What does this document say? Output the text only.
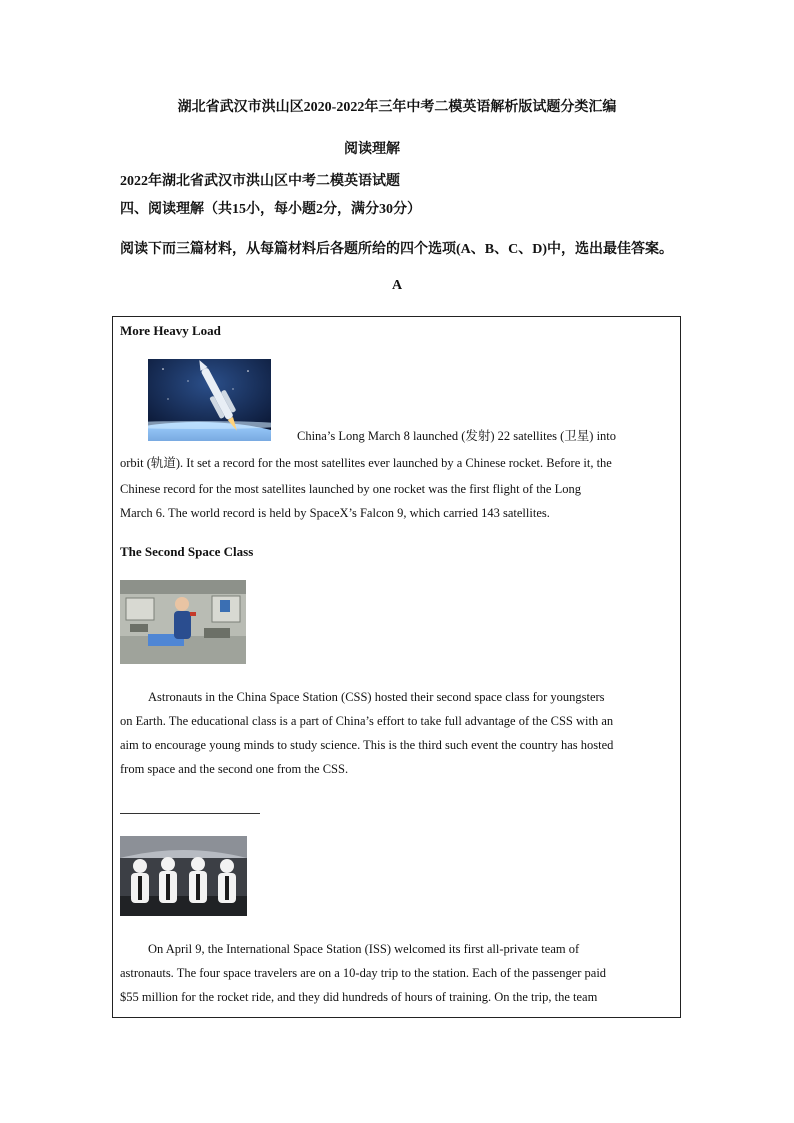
湖北省武汉市洪山区2020-2022年三年中考二模英语解析版试题分类汇编
阅读理解
2022年湖北省武汉市洪山区中考二模英语试题
四、阅读理解（共15小，每小题2分，满分30分）
阅读下而三篇材料，从每篇材料后各题所给的四个选项(A、B、C、D)中，选出最佳答案。
A
More Heavy Load
China’s Long March 8 launched (发射) 22 satellites (卫星) into
orbit (轨道). It set a record for the most satellites ever launched by a Chinese rocket. Before it, the
Chinese record for the most satellites launched by one rocket was the first flight of the Long
March 6. The world record is held by SpaceX’s Falcon 9, which carried 143 satellites.
The Second Space Class
Astronauts in the China Space Station (CSS) hosted their second space class for youngsters
on Earth. The educational class is a part of China’s effort to take full advantage of the CSS with an
aim to encourage young minds to study science. This is the third such event the country has hosted
from space and the second one from the CSS.
On April 9, the International Space Station (ISS) welcomed its first all-private team of
astronauts. The four space travelers are on a 10-day trip to the station. Each of the passenger paid
$55 million for the rocket ride, and they did hundreds of hours of training. On the trip, the team
